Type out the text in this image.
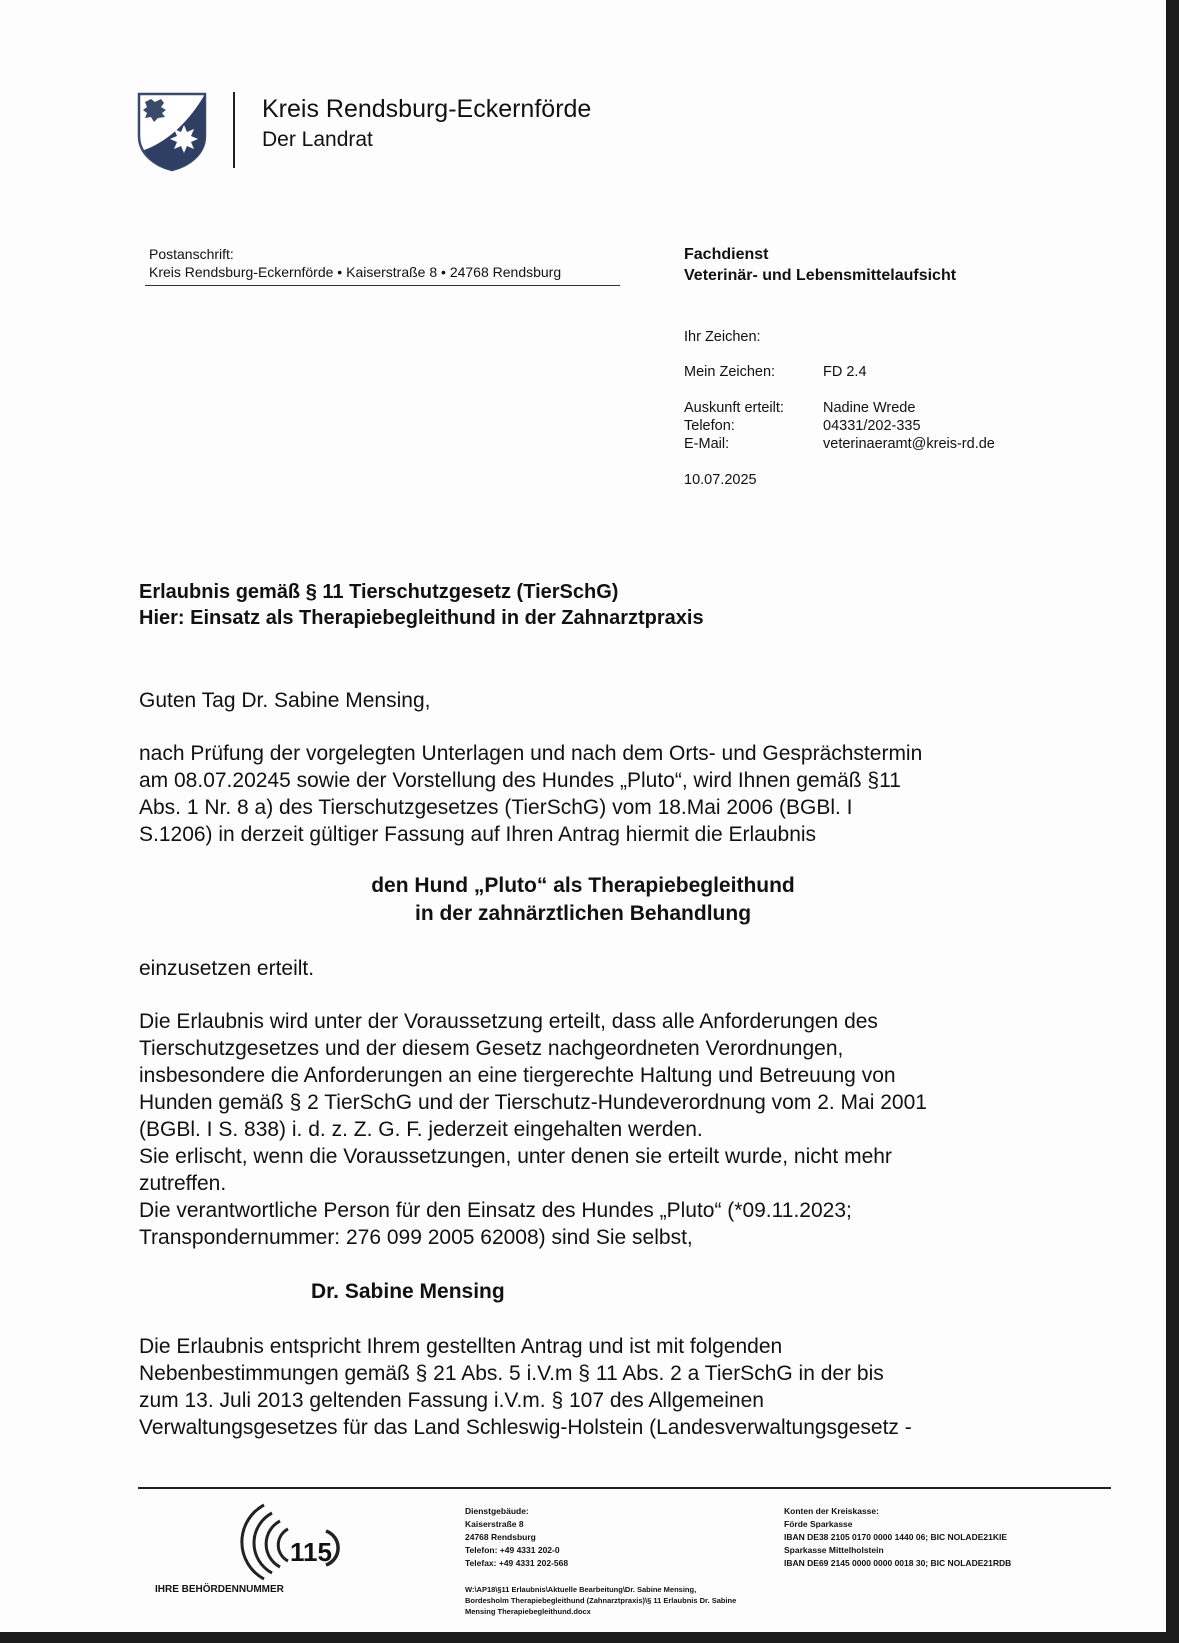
Kreis Rendsburg-Eckernförde
Der Landrat
Postanschrift:
Kreis Rendsburg-Eckernförde • Kaiserstraße 8 • 24768 Rendsburg
Fachdienst
Veterinär- und Lebensmittelaufsicht
Ihr Zeichen:
Mein Zeichen:	FD 2.4
Auskunft erteilt:	Nadine Wrede
Telefon:	04331/202-335
E-Mail:	veterinaeramt@kreis-rd.de
10.07.2025
Erlaubnis gemäß § 11 Tierschutzgesetz (TierSchG)
Hier: Einsatz als Therapiebegleithund in der Zahnarztpraxis
Guten Tag Dr. Sabine Mensing,
nach Prüfung der vorgelegten Unterlagen und nach dem Orts- und Gesprächstermin
am 08.07.20245 sowie der Vorstellung des Hundes „Pluto“, wird Ihnen gemäß §11
Abs. 1 Nr. 8 a) des Tierschutzgesetzes (TierSchG) vom 18.Mai 2006 (BGBl. I
S.1206) in derzeit gültiger Fassung auf Ihren Antrag hiermit die Erlaubnis
den Hund „Pluto“ als Therapiebegleithund
in der zahnärztlichen Behandlung
einzusetzen erteilt.
Die Erlaubnis wird unter der Voraussetzung erteilt, dass alle Anforderungen des
Tierschutzgesetzes und der diesem Gesetz nachgeordneten Verordnungen,
insbesondere die Anforderungen an eine tiergerechte Haltung und Betreuung von
Hunden gemäß § 2 TierSchG und der Tierschutz-Hundeverordnung vom 2. Mai 2001
(BGBl. I S. 838) i. d. z. Z. G. F. jederzeit eingehalten werden.
Sie erlischt, wenn die Voraussetzungen, unter denen sie erteilt wurde, nicht mehr
zutreffen.
Die verantwortliche Person für den Einsatz des Hundes „Pluto“ (*09.11.2023;
Transpondernummer: 276 099 2005 62008) sind Sie selbst,
Dr. Sabine Mensing
Die Erlaubnis entspricht Ihrem gestellten Antrag und ist mit folgenden
Nebenbestimmungen gemäß § 21 Abs. 5 i.V.m § 11 Abs. 2 a TierSchG in der bis
zum 13. Juli 2013 geltenden Fassung i.V.m. § 107 des Allgemeinen
Verwaltungsgesetzes für das Land Schleswig-Holstein (Landesverwaltungsgesetz -
115
IHRE BEHÖRDENNUMMER
Dienstgebäude:
Kaiserstraße 8
24768 Rendsburg
Telefon: +49 4331 202-0
Telefax: +49 4331 202-568
W:\AP18\§11 Erlaubnis\Aktuelle Bearbeitung\Dr. Sabine Mensing,
Bordesholm Therapiebegleithund (Zahnarztpraxis)\§ 11 Erlaubnis Dr. Sabine
Mensing Therapiebegleithund.docx
Konten der Kreiskasse:
Förde Sparkasse
IBAN DE38 2105 0170 0000 1440 06; BIC NOLADE21KIE
Sparkasse Mittelholstein
IBAN DE69 2145 0000 0000 0018 30; BIC NOLADE21RDB
